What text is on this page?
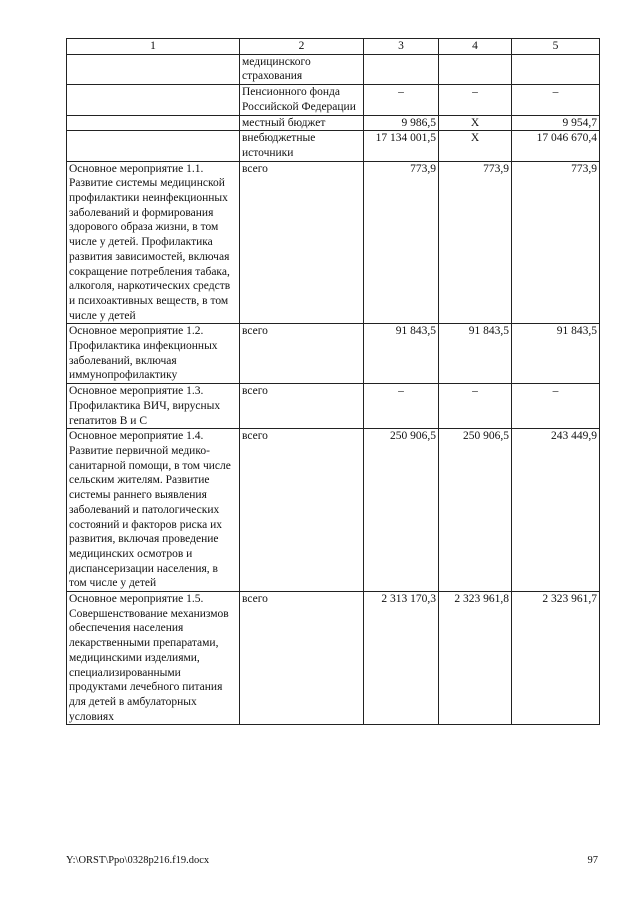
1	2	3	4	5
	медицинского страхования			
	Пенсионного фонда Российской Федерации	–	–	–
	местный бюджет	9 986,5	Х	9 954,7
	внебюджетные источники	17 134 001,5	Х	17 046 670,4
Основное мероприятие 1.1. Развитие системы медицинской профилактики неинфекционных заболеваний и формирования здорового образа жизни, в том числе у детей. Профилактика развития зависимостей, включая сокращение потребления табака, алкоголя, наркотических средств и психоактивных веществ, в том числе у детей	всего	773,9	773,9	773,9
Основное мероприятие 1.2. Профилактика инфекционных заболеваний, включая иммунопрофилактику	всего	91 843,5	91 843,5	91 843,5
Основное мероприятие 1.3. Профилактика ВИЧ, вирусных гепатитов В и С	всего	–	–	–
Основное мероприятие 1.4. Развитие первичной медико-санитарной помощи, в том числе сельским жителям. Развитие системы раннего выявления заболеваний и патологических состояний и факторов риска их развития, включая проведение медицинских осмотров и диспансеризации населения, в том числе у детей	всего	250 906,5	250 906,5	243 449,9
Основное мероприятие 1.5. Совершенствование механизмов обеспечения населения лекарственными препаратами, медицинскими изделиями, специализированными продуктами лечебного питания для детей в амбулаторных условиях	всего	2 313 170,3	2 323 961,8	2 323 961,7
Y:\ORST\Ppo\0328p216.f19.docx	97
